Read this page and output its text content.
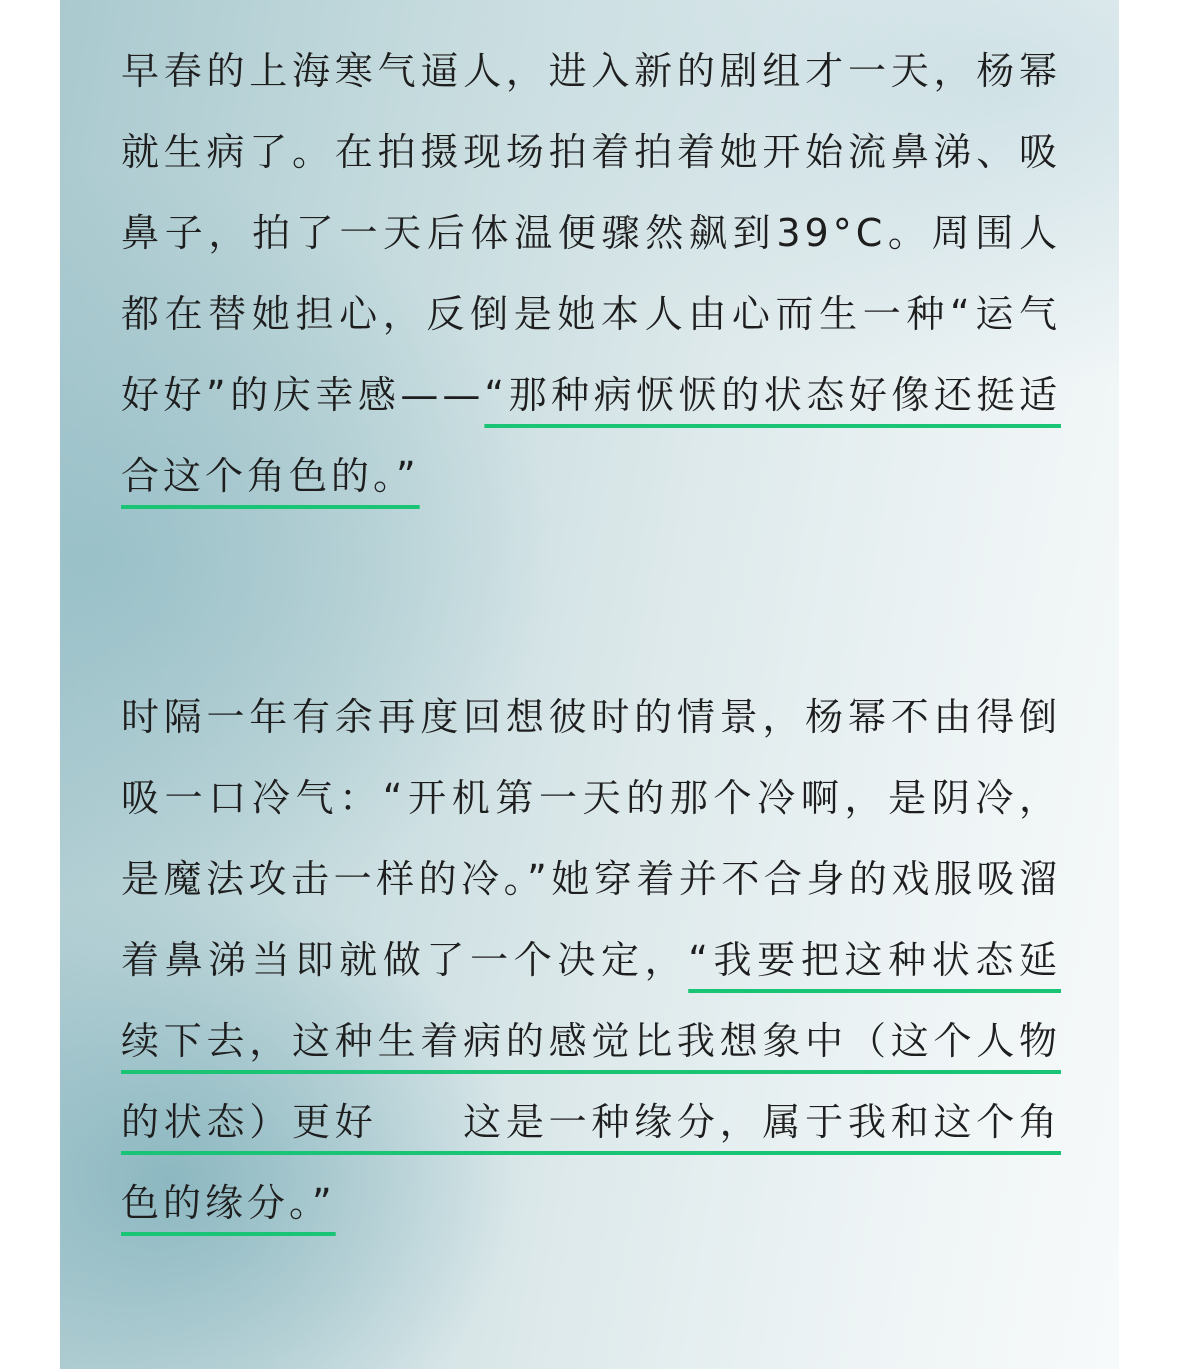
早春的上海寒气逼人，进入新的剧组才一天，杨幂就生病了。在拍摄现场拍着拍着她开始流鼻涕、吸鼻子，拍了一天后体温便骤然飙到39°C。周围人都在替她担心，反倒是她本人由心而生一种“运气好好”的庆幸感——“那种病恹恹的状态好像还挺适合这个角色的。”

时隔一年有余再度回想彼时的情景，杨幂不由得倒吸一口冷气：“开机第一天的那个冷啊，是阴冷，是魔法攻击一样的冷。”她穿着并不合身的戏服吸溜着鼻涕当即就做了一个决定，“我要把这种状态延续下去，这种生着病的感觉比我想象中（这个人物的状态）更好　　这是一种缘分，属于我和这个角色的缘分。”
